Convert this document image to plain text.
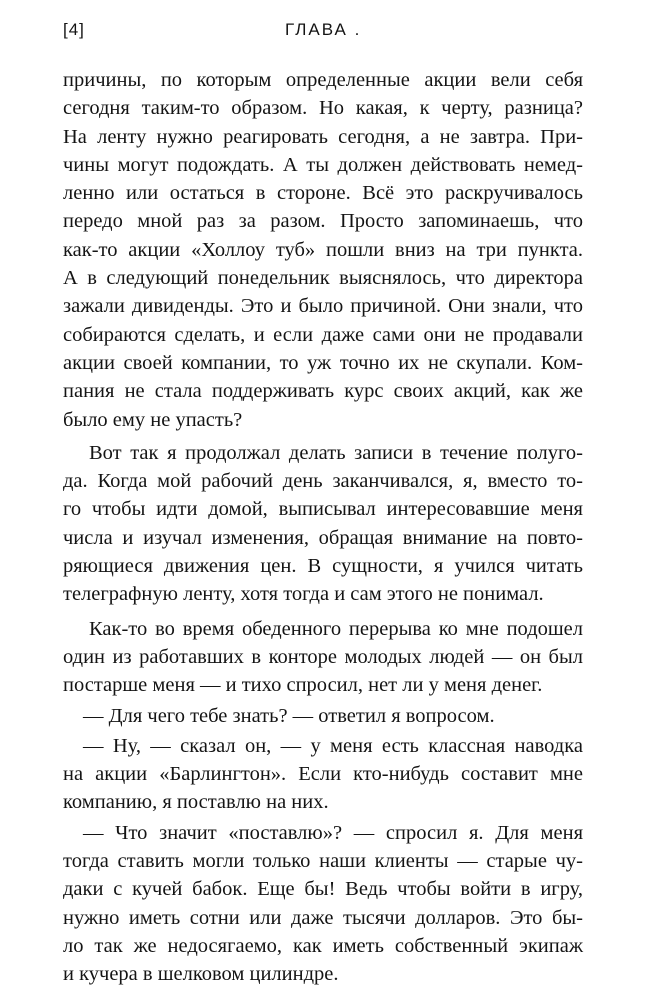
[4]	ГЛАВА .
причины, по которым определенные акции вели себя
сегодня таким-то образом. Но какая, к черту, разница?
На ленту нужно реагировать сегодня, а не завтра. При-
чины могут подождать. А ты должен действовать немед-
ленно или остаться в стороне. Всё это раскручивалось
передо мной раз за разом. Просто запоминаешь, что
как-то акции «Холлоу туб» пошли вниз на три пункта.
А в следующий понедельник выяснялось, что директора
зажали дивиденды. Это и было причиной. Они знали, что
собираются сделать, и если даже сами они не продавали
акции своей компании, то уж точно их не скупали. Ком-
пания не стала поддерживать курс своих акций, как же
было ему не упасть?
Вот так я продолжал делать записи в течение полуго-
да. Когда мой рабочий день заканчивался, я, вместо то-
го чтобы идти домой, выписывал интересовавшие меня
числа и изучал изменения, обращая внимание на повто-
ряющиеся движения цен. В сущности, я учился читать
телеграфную ленту, хотя тогда и сам этого не понимал.
Как-то во время обеденного перерыва ко мне подошел
один из работавших в конторе молодых людей — он был
постарше меня — и тихо спросил, нет ли у меня денег.
— Для чего тебе знать? — ответил я вопросом.
— Ну, — сказал он, — у меня есть классная наводка
на акции «Барлингтон». Если кто-нибудь составит мне
компанию, я поставлю на них.
— Что значит «поставлю»? — спросил я. Для меня
тогда ставить могли только наши клиенты — старые чу-
даки с кучей бабок. Еще бы! Ведь чтобы войти в игру,
нужно иметь сотни или даже тысячи долларов. Это бы-
ло так же недосягаемо, как иметь собственный экипаж
и кучера в шелковом цилиндре.
